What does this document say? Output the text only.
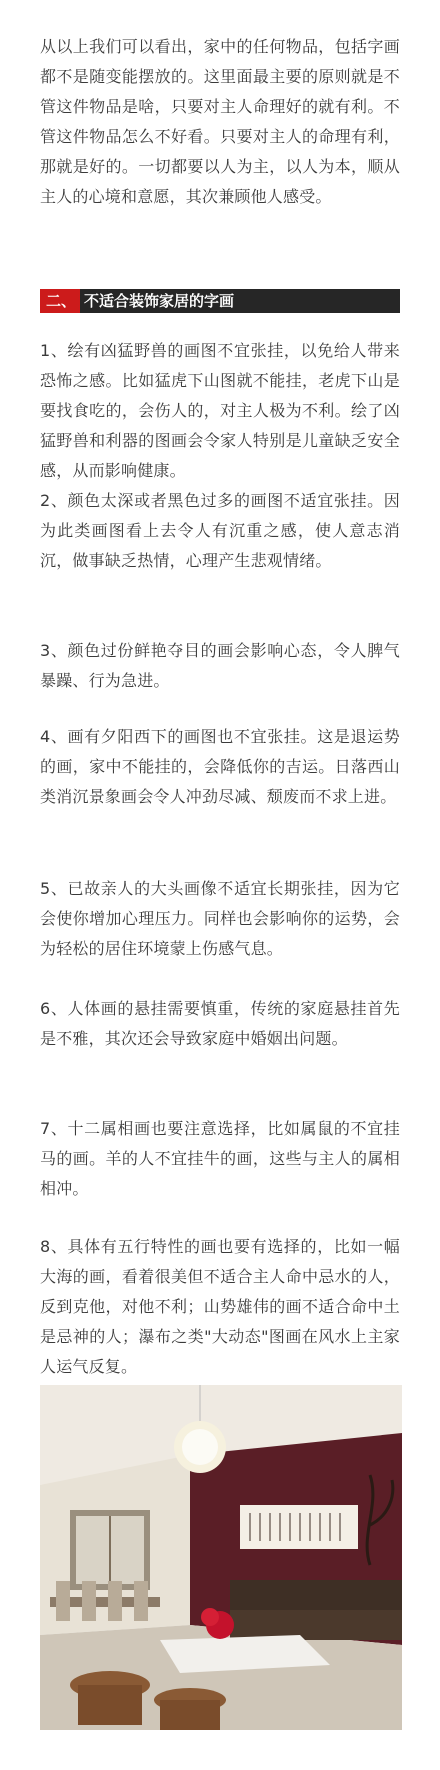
从以上我们可以看出，家中的任何物品，包括字画都不是随变能摆放的。这里面最主要的原则就是不管这件物品是啥，只要对主人命理好的就有利。不管这件物品怎么不好看。只要对主人的命理有利，那就是好的。一切都要以人为主，以人为本，顺从主人的心境和意愿，其次兼顾他人感受。

二、 不适合装饰家居的字画

1、绘有凶猛野兽的画图不宜张挂，以免给人带来恐怖之感。比如猛虎下山图就不能挂，老虎下山是要找食吃的，会伤人的，对主人极为不利。绘了凶猛野兽和利器的图画会令家人特别是儿童缺乏安全感，从而影响健康。

2、颜色太深或者黑色过多的画图不适宜张挂。因为此类画图看上去令人有沉重之感，使人意志消沉，做事缺乏热情，心理产生悲观情绪。

3、颜色过份鲜艳夺目的画会影响心态，令人脾气暴躁、行为急进。

4、画有夕阳西下的画图也不宜张挂。这是退运势的画，家中不能挂的，会降低你的吉运。日落西山类消沉景象画会令人冲劲尽减、颓废而不求上进。

5、已故亲人的大头画像不适宜长期张挂，因为它会使你增加心理压力。同样也会影响你的运势，会为轻松的居住环境蒙上伤感气息。

6、人体画的悬挂需要慎重，传统的家庭悬挂首先是不雅，其次还会导致家庭中婚姻出问题。

7、十二属相画也要注意选择，比如属鼠的不宜挂马的画。羊的人不宜挂牛的画，这些与主人的属相相冲。

8、具体有五行特性的画也要有选择的，比如一幅大海的画，看着很美但不适合主人命中忌水的人，反到克他，对他不利；山势雄伟的画不适合命中土是忌神的人；瀑布之类"大动态"图画在风水上主家人运气反复。
